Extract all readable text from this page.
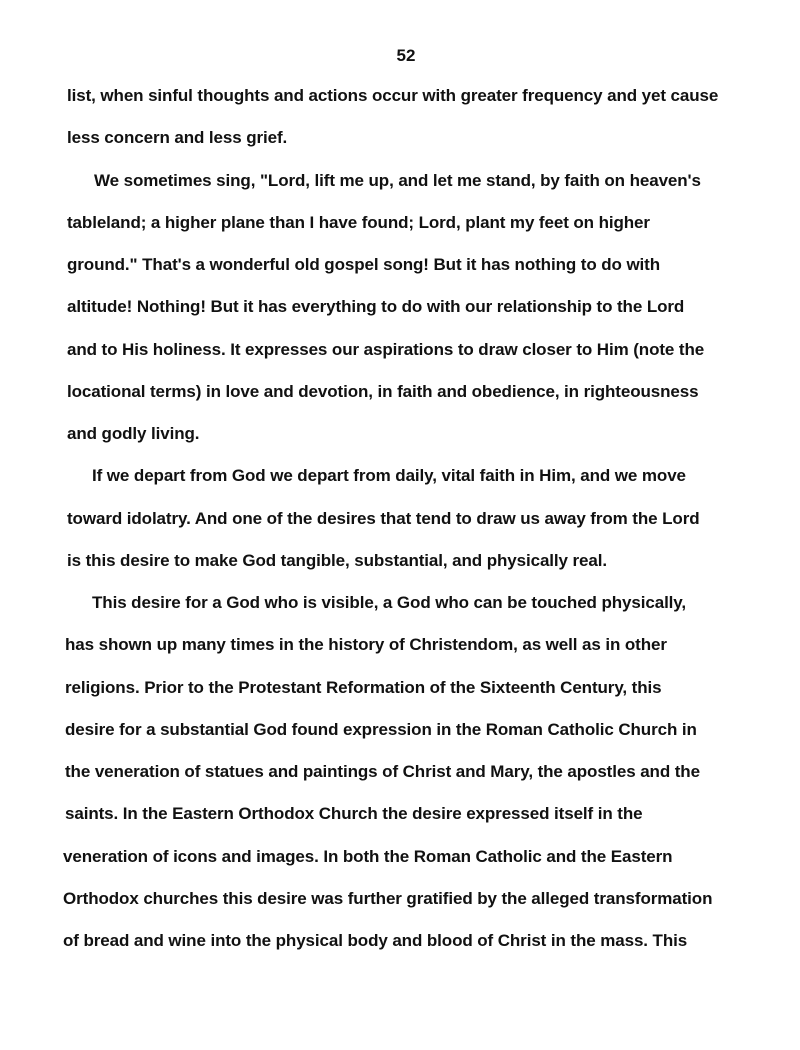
52
list, when sinful thoughts and actions occur with greater frequency and yet cause
less concern and less grief.
We sometimes sing, "Lord, lift me up, and let me stand, by faith on heaven's
tableland; a higher plane than I have found; Lord, plant my feet on higher
ground." That's a wonderful old gospel song! But it has nothing to do with
altitude! Nothing! But it has everything to do with our relationship to the Lord
and to His holiness. It expresses our aspirations to draw closer to Him (note the
locational terms) in love and devotion, in faith and obedience, in righteousness
and godly living.
If we depart from God we depart from daily, vital faith in Him, and we move
toward idolatry. And one of the desires that tend to draw us away from the Lord
is this desire to make God tangible, substantial, and physically real.
This desire for a God who is visible, a God who can be touched physically,
has shown up many times in the history of Christendom, as well as in other
religions. Prior to the Protestant Reformation of the Sixteenth Century, this
desire for a substantial God found expression in the Roman Catholic Church in
the veneration of statues and paintings of Christ and Mary, the apostles and the
saints. In the Eastern Orthodox Church the desire expressed itself in the
veneration of icons and images. In both the Roman Catholic and the Eastern
Orthodox churches this desire was further gratified by the alleged transformation
of bread and wine into the physical body and blood of Christ in the mass. This
